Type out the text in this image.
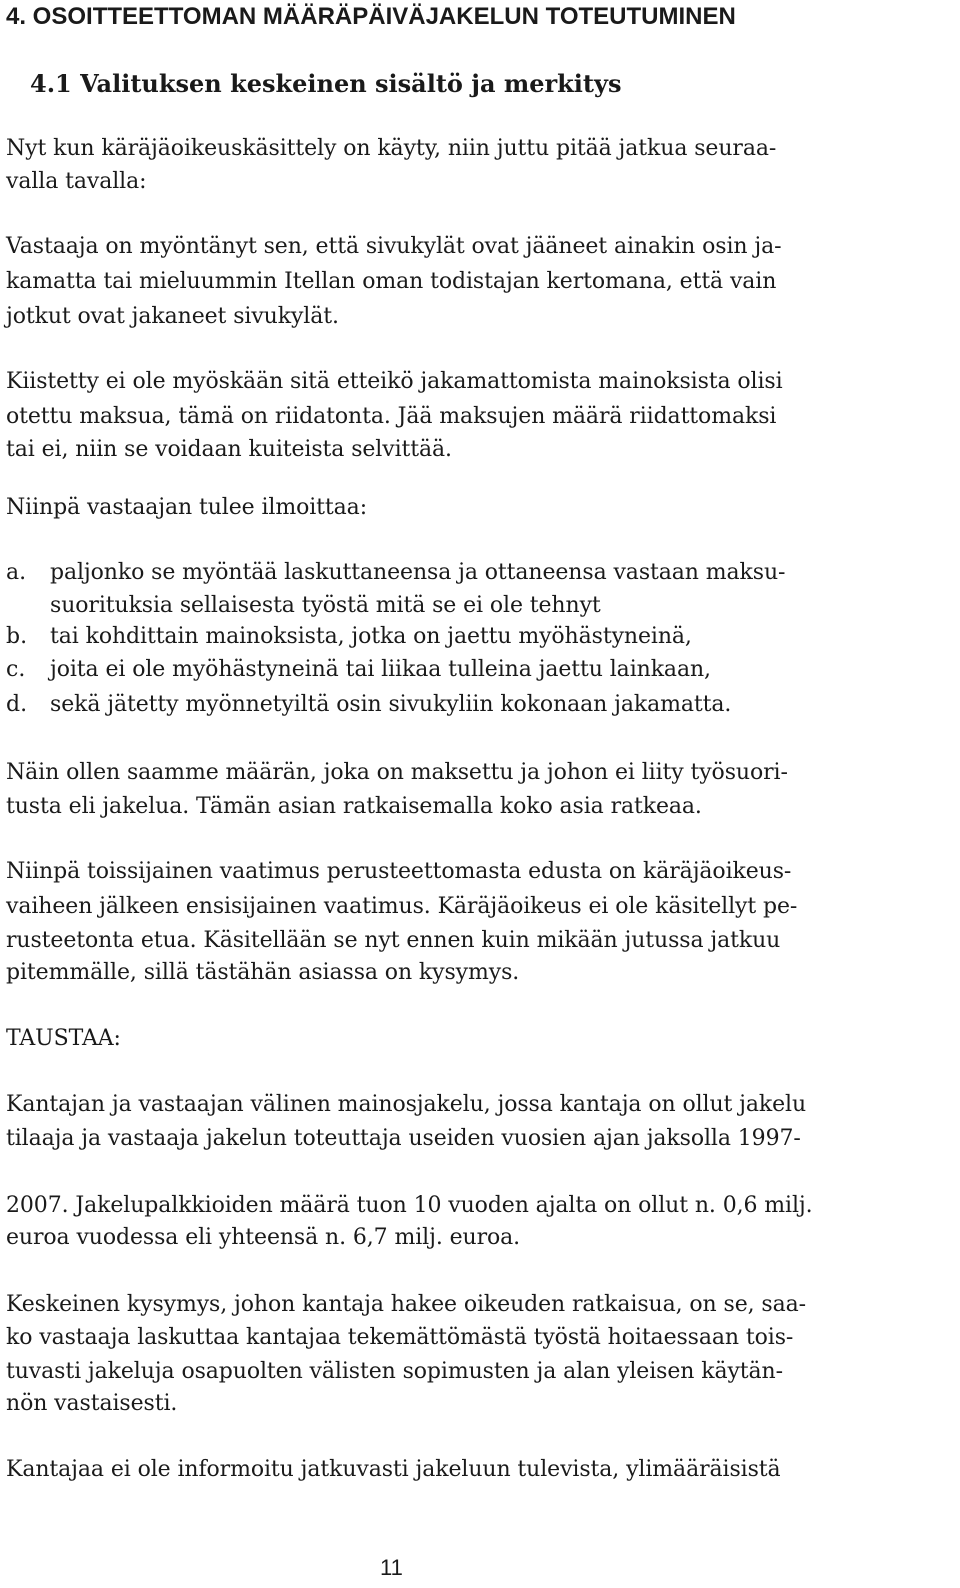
4. OSOITTEETTOMAN MÄÄRÄPÄIVÄJAKELUN TOTEUTUMINEN
4.1 Valituksen keskeinen sisältö ja merkitys
Nyt kun käräjäoikeuskäsittely on käyty, niin juttu pitää jatkua seuraa-
valla tavalla:
Vastaaja on myöntänyt sen, että sivukylät ovat jääneet ainakin osin ja-
kamatta tai mieluummin Itellan oman todistajan kertomana, että vain
jotkut ovat jakaneet sivukylät.
Kiistetty ei ole myöskään sitä etteikö jakamattomista mainoksista olisi
otettu maksua, tämä on riidatonta. Jää maksujen määrä riidattomaksi
tai ei, niin se voidaan kuiteista selvittää.
Niinpä vastaajan tulee ilmoittaa:
a. paljonko se myöntää laskuttaneensa ja ottaneensa vastaan maksu-
suorituksia sellaisesta työstä mitä se ei ole tehnyt
b. tai kohdittain mainoksista, jotka on jaettu myöhästyneinä,
c. joita ei ole myöhästyneinä tai liikaa tulleina jaettu lainkaan,
d. sekä jätetty myönnetyiltä osin sivukyliin kokonaan jakamatta.
Näin ollen saamme määrän, joka on maksettu ja johon ei liity työsuori-
tusta eli jakelua. Tämän asian ratkaisemalla koko asia ratkeaa.
Niinpä toissijainen vaatimus perusteettomasta edusta on käräjäoikeus-
vaiheen jälkeen ensisijainen vaatimus. Käräjäoikeus ei ole käsitellyt pe-
rusteetonta etua. Käsitellään se nyt ennen kuin mikään jutussa jatkuu
pitemmälle, sillä tästähän asiassa on kysymys.
TAUSTAA:
Kantajan ja vastaajan välinen mainosjakelu, jossa kantaja on ollut jakelu
tilaaja ja vastaaja jakelun toteuttaja useiden vuosien ajan jaksolla 1997-
2007. Jakelupalkkioiden määrä tuon 10 vuoden ajalta on ollut n. 0,6 milj.
euroa vuodessa eli yhteensä n. 6,7 milj. euroa.
Keskeinen kysymys, johon kantaja hakee oikeuden ratkaisua, on se, saa-
ko vastaaja laskuttaa kantajaa tekemättömästä työstä hoitaessaan tois-
tuvasti jakeluja osapuolten välisten sopimusten ja alan yleisen käytän-
nön vastaisesti.
Kantajaa ei ole informoitu jatkuvasti jakeluun tulevista, ylimääräisistä
11
